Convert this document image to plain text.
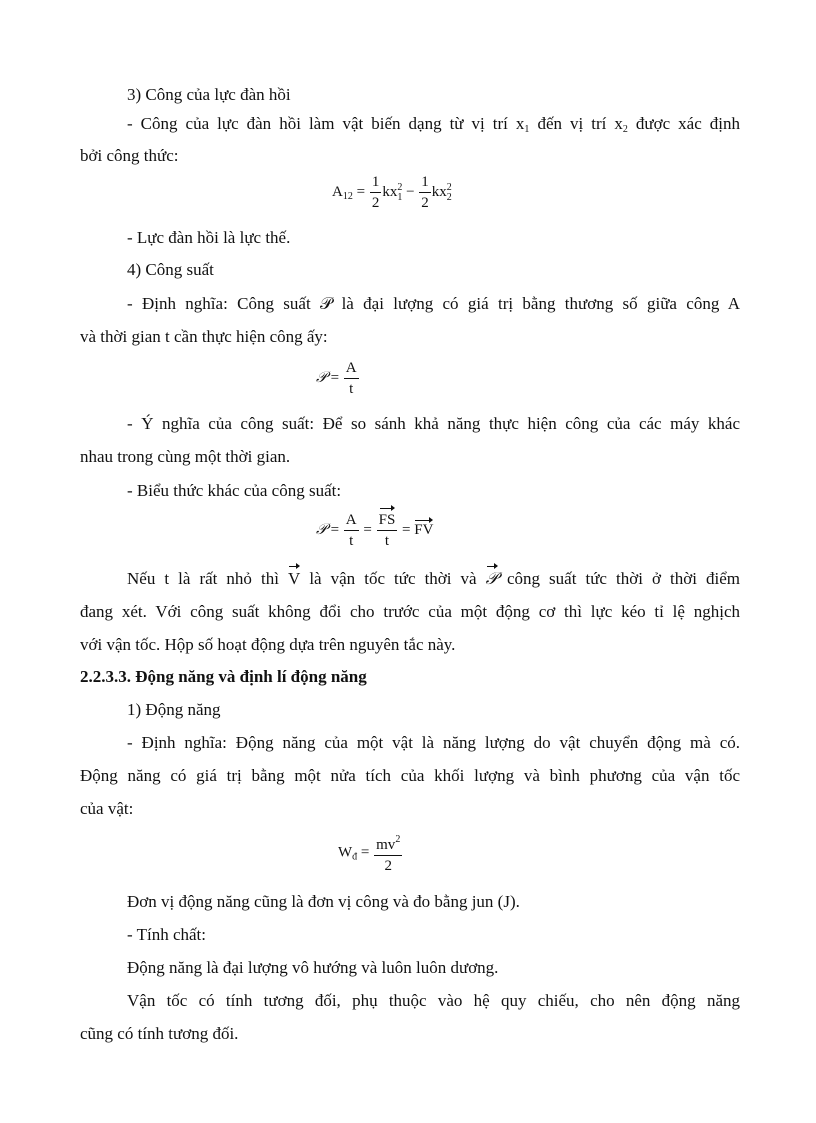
3) Công của lực đàn hồi
- Công của lực đàn hồi làm vật biến dạng từ vị trí $x_1$ đến vị trí $x_2$ được xác định
bởi công thức:
$A_{12} = \frac{1}{2}$ kx 2
$1 - \frac{1}{2}$ kx 2
2
- Lực đàn hồi là lực thế.
4) Công suất
- Định nghĩa: Công suất 𝒫 là đại lượng có giá trị bằng thương số giữa công A
và thời gian t cần thực hiện công ấy:
𝒫 = $\frac{A}{t}$
- Ý nghĩa của công suất: Để so sánh khả năng thực hiện công của các máy khác
nhau trong cùng một thời gian.
- Biểu thức khác của công suất:
𝒫 = $\frac{A}{t} = \frac{FS}{t}$ = FV
Nếu t là rất nhỏ thì V là vận tốc tức thời và 𝒫 công suất tức thời ở thời điểm
đang xét. Với công suất không đổi cho trước của một động cơ thì lực kéo tỉ lệ nghịch
với vận tốc. Hộp số hoạt động dựa trên nguyên tắc này.
2.2.3.3. Động năng và định lí động năng
1) Động năng
- Định nghĩa: Động năng của một vật là năng lượng do vật chuyển động mà có.
Động năng có giá trị bằng một nửa tích của khối lượng và bình phương của vận tốc
của vật:
$W_đ = \frac{mv^2}{2}$
Đơn vị động năng cũng là đơn vị công và đo bằng jun (J).
- Tính chất:
Động năng là đại lượng vô hướng và luôn luôn dương.
Vận tốc có tính tương đối, phụ thuộc vào hệ quy chiếu, cho nên động năng
cũng có tính tương đối.
